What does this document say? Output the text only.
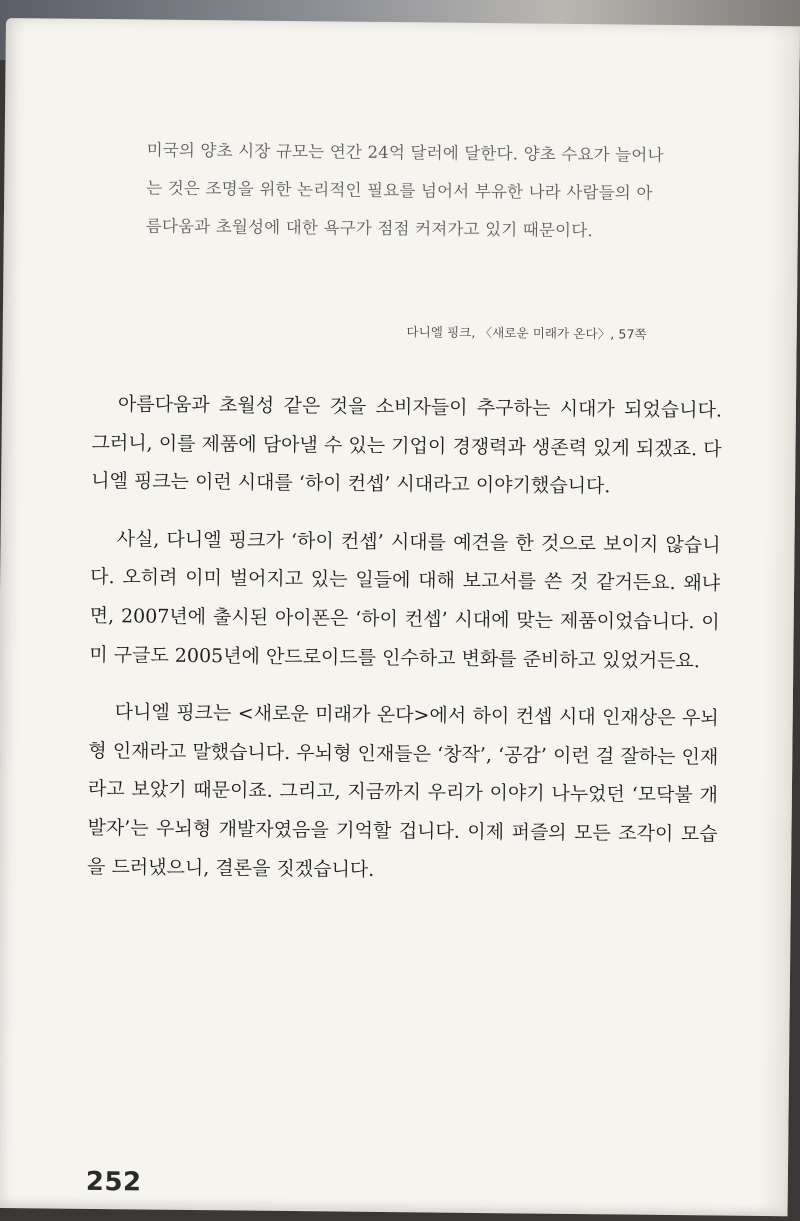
미국의 양초 시장 규모는 연간 24억 달러에 달한다. 양초 수요가 늘어나는 것은 조명을 위한 논리적인 필요를 넘어서 부유한 나라 사람들의 아름다움과 초월성에 대한 욕구가 점점 커져가고 있기 때문이다.

다니엘 핑크, 〈새로운 미래가 온다〉, 57쪽

아름다움과 초월성 같은 것을 소비자들이 추구하는 시대가 되었습니다. 그러니, 이를 제품에 담아낼 수 있는 기업이 경쟁력과 생존력 있게 되겠죠. 다니엘 핑크는 이런 시대를 ‘하이 컨셉’ 시대라고 이야기했습니다.

사실, 다니엘 핑크가 ‘하이 컨셉’ 시대를 예견을 한 것으로 보이지 않습니다. 오히려 이미 벌어지고 있는 일들에 대해 보고서를 쓴 것 같거든요. 왜냐면, 2007년에 출시된 아이폰은 ‘하이 컨셉’ 시대에 맞는 제품이었습니다. 이미 구글도 2005년에 안드로이드를 인수하고 변화를 준비하고 있었거든요.

다니엘 핑크는 <새로운 미래가 온다>에서 하이 컨셉 시대 인재상은 우뇌형 인재라고 말했습니다. 우뇌형 인재들은 ‘창작’, ‘공감’ 이런 걸 잘하는 인재라고 보았기 때문이죠. 그리고, 지금까지 우리가 이야기 나누었던 ‘모닥불 개발자’는 우뇌형 개발자였음을 기억할 겁니다. 이제 퍼즐의 모든 조각이 모습을 드러냈으니, 결론을 짓겠습니다.

252
